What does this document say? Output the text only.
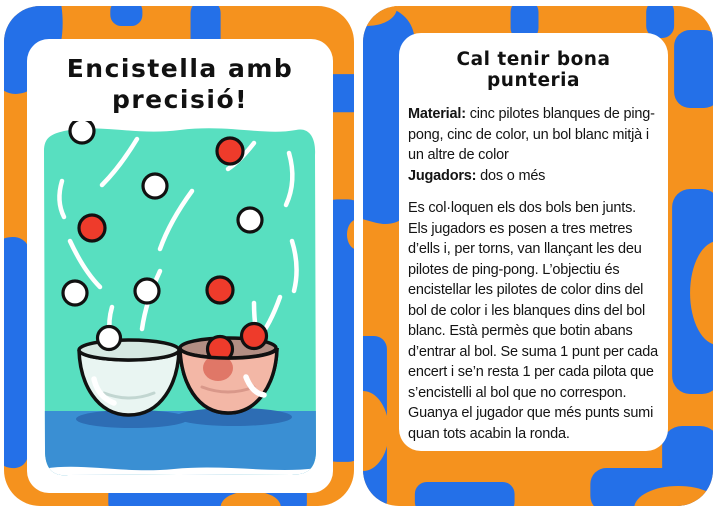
Encistella amb precisió!
Cal tenir bona punteria

Material: cinc pilotes blanques de ping-pong, cinc de color, un bol blanc mitjà i un altre de color
Jugadors: dos o més

Es col·loquen els dos bols ben junts. Els jugadors es posen a tres metres d’ells i, per torns, van llançant les deu pilotes de ping-pong. L’objectiu és encistellar les pilotes de color dins del bol de color i les blanques dins del bol blanc. Està permès que botin abans d’entrar al bol. Se suma 1 punt per cada encert i se’n resta 1 per cada pilota que s’encistelli al bol que no correspon. Guanya el jugador que més punts sumi quan tots acabin la ronda.
